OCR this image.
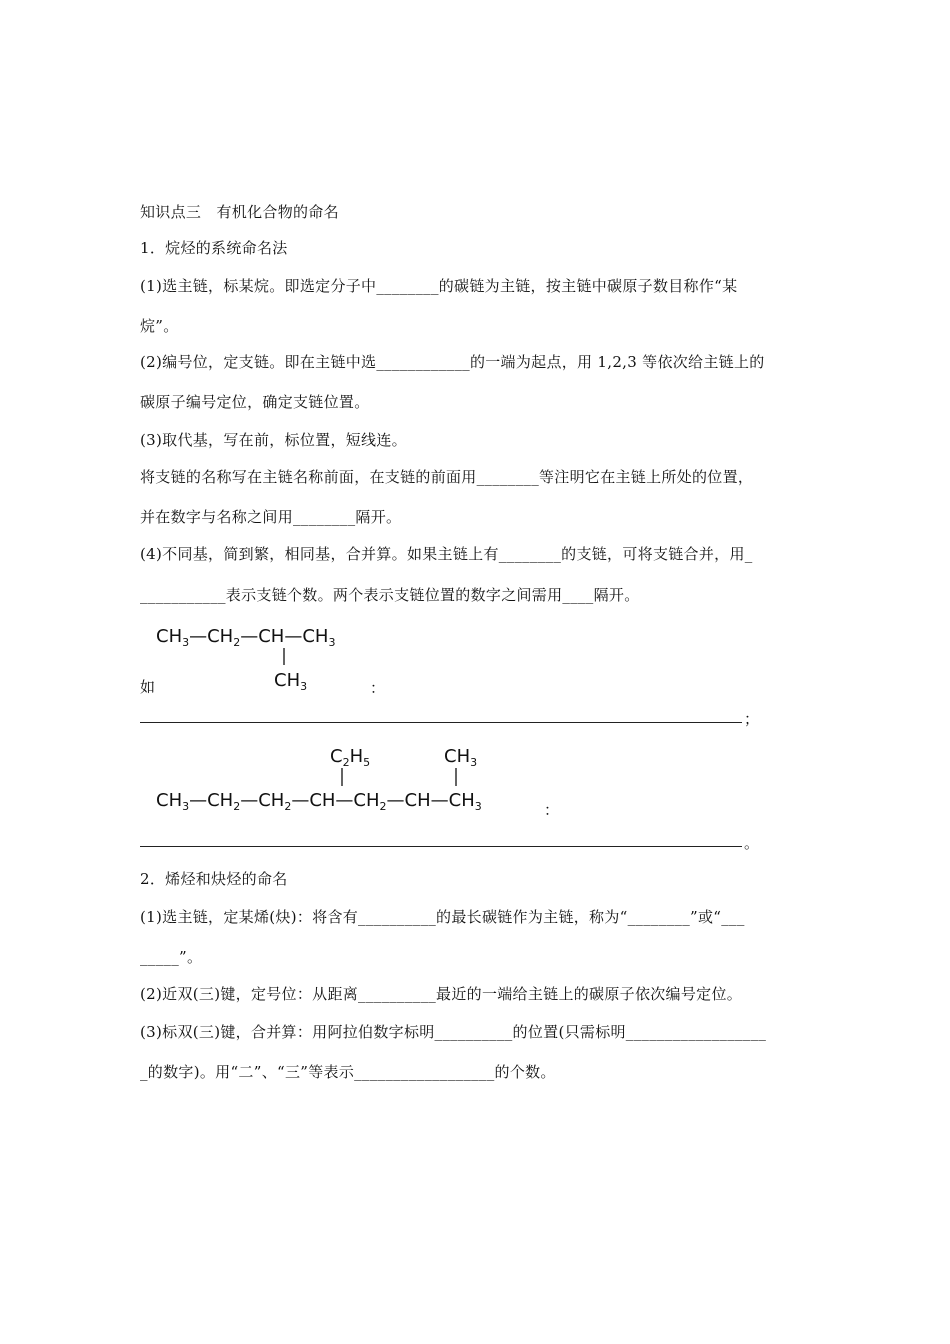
知识点三　有机化合物的命名
1．烷烃的系统命名法
(1)选主链，标某烷。即选定分子中________的碳链为主链，按主链中碳原子数目称作“某
烷”。
(2)编号位，定支链。即在主链中选____________的一端为起点，用 1,2,3 等依次给主链上的
碳原子编号定位，确定支链位置。
(3)取代基，写在前，标位置，短线连。
将支链的名称写在主链名称前面，在支链的前面用________等注明它在主链上所处的位置，
并在数字与名称之间用________隔开。
(4)不同基，简到繁，相同基，合并算。如果主链上有________的支链，可将支链合并，用_
___________表示支链个数。两个表示支链位置的数字之间需用____隔开。
$CH_3—CH_2—CH—CH_3$
$CH_3$
如	：
；
$C_2H_5$	$CH_3$
$CH_3—CH_2—CH_2—CH—CH_2—CH—CH_3$	：
。
2．烯烃和炔烃的命名
(1)选主链，定某烯(炔)：将含有__________的最长碳链作为主链，称为“________”或“___
_____”。
(2)近双(三)键，定号位：从距离__________最近的一端给主链上的碳原子依次编号定位。
(3)标双(三)键，合并算：用阿拉伯数字标明__________的位置(只需标明__________________
_的数字)。用“二”、“三”等表示__________________的个数。
